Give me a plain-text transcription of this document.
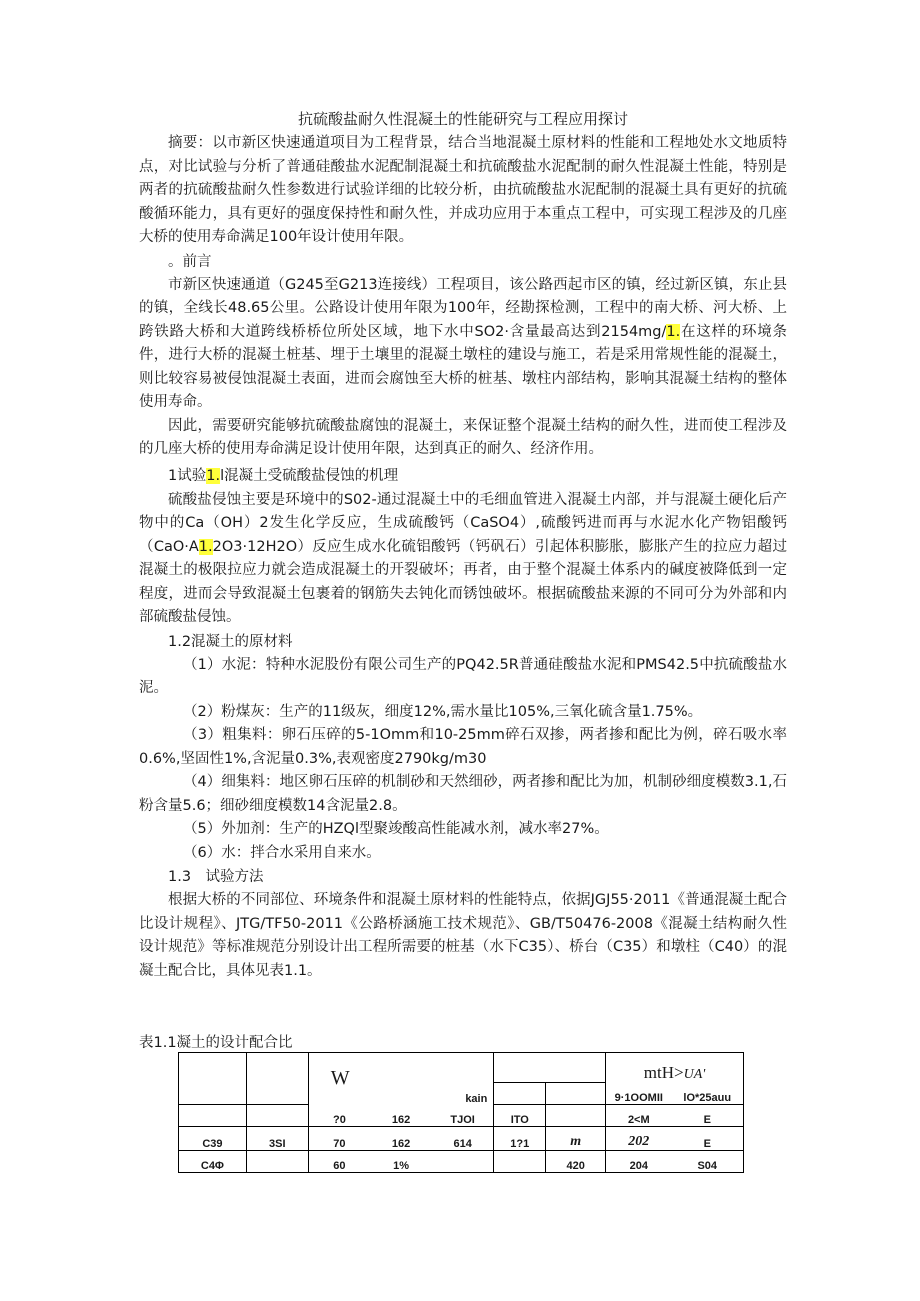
抗硫酸盐耐久性混凝土的性能研究与工程应用探讨

摘要：以市新区快速通道项目为工程背景，结合当地混凝土原材料的性能和工程地处水文地质特点，对比试验与分析了普通硅酸盐水泥配制混凝土和抗硫酸盐水泥配制的耐久性混凝土性能，特别是两者的抗硫酸盐耐久性参数进行试验详细的比较分析，由抗硫酸盐水泥配制的混凝土具有更好的抗硫酸循环能力，具有更好的强度保持性和耐久性，并成功应用于本重点工程中，可实现工程涉及的几座大桥的使用寿命满足100年设计使用年限。

。前言

市新区快速通道（G245至G213连接线）工程项目，该公路西起市区的镇，经过新区镇，东止县的镇，全线长48.65公里。公路设计使用年限为100年，经勘探检测，工程中的南大桥、河大桥、上跨铁路大桥和大道跨线桥桥位所处区域，地下水中SO2·含量最高达到2154mg/1.在这样的环境条件，进行大桥的混凝土桩基、埋于土壤里的混凝土墩柱的建设与施工，若是采用常规性能的混凝土，则比较容易被侵蚀混凝土表面，进而会腐蚀至大桥的桩基、墩柱内部结构，影响其混凝土结构的整体使用寿命。

因此，需要研究能够抗硫酸盐腐蚀的混凝土，来保证整个混凝土结构的耐久性，进而使工程涉及的几座大桥的使用寿命满足设计使用年限，达到真正的耐久、经济作用。

1试验1.l混凝土受硫酸盐侵蚀的机理

硫酸盐侵蚀主要是环境中的S02-通过混凝土中的毛细血管进入混凝土内部，并与混凝土硬化后产物中的Ca（OH）2发生化学反应，生成硫酸钙（CaSO4）,硫酸钙进而再与水泥水化产物铝酸钙（CaO·A1.2O3·12H2O）反应生成水化硫铝酸钙（钙矾石）引起体积膨胀，膨胀产生的拉应力超过混凝土的极限拉应力就会造成混凝土的开裂破坏；再者，由于整个混凝土体系内的碱度被降低到一定程度，进而会导致混凝土包裹着的钢筋失去钝化而锈蚀破坏。根据硫酸盐来源的不同可分为外部和内部硫酸盐侵蚀。

1.2混凝土的原材料

（1）水泥：特种水泥股份有限公司生产的PQ42.5R普通硅酸盐水泥和PMS42.5中抗硫酸盐水泥。

（2）粉煤灰：生产的11级灰，细度12%,需水量比105%,三氧化硫含量1.75%。

（3）粗集料：卵石压碎的5-1Omm和10-25mm碎石双掺，两者掺和配比为例，碎石吸水率0.6%,坚固性1%,含泥量0.3%,表观密度2790kg/m30

（4）细集料：地区卵石压碎的机制砂和天然细砂，两者掺和配比为加，机制砂细度模数3.1,石粉含量5.6；细砂细度模数14含泥量2.8。

（5）外加剂：生产的HZQl型聚竣酸高性能减水剂，减水率27%。

（6）水：拌合水采用自来水。

1.3　试验方法

根据大桥的不同部位、环境条件和混凝土原材料的性能特点，依据JGJ55·2011《普通混凝土配合比设计规程》、JTG/TF50-2011《公路桥涵施工技术规范》、GB/T50476-2008《混凝土结构耐久性设计规范》等标准规范分别设计出工程所需要的桩基（水下C35）、桥台（C35）和墩柱（C40）的混凝土配合比，具体见表1.1。

表1.1凝土的设计配合比
		W		kain			mtH>UA'	
							9·1OOMII	lO*25auu
		?0	162	TJOI	ITO		2<M	E
C39	3SI	70	162	614	1?1	m	202	E
C4Φ		60	1%			420	204	S04
